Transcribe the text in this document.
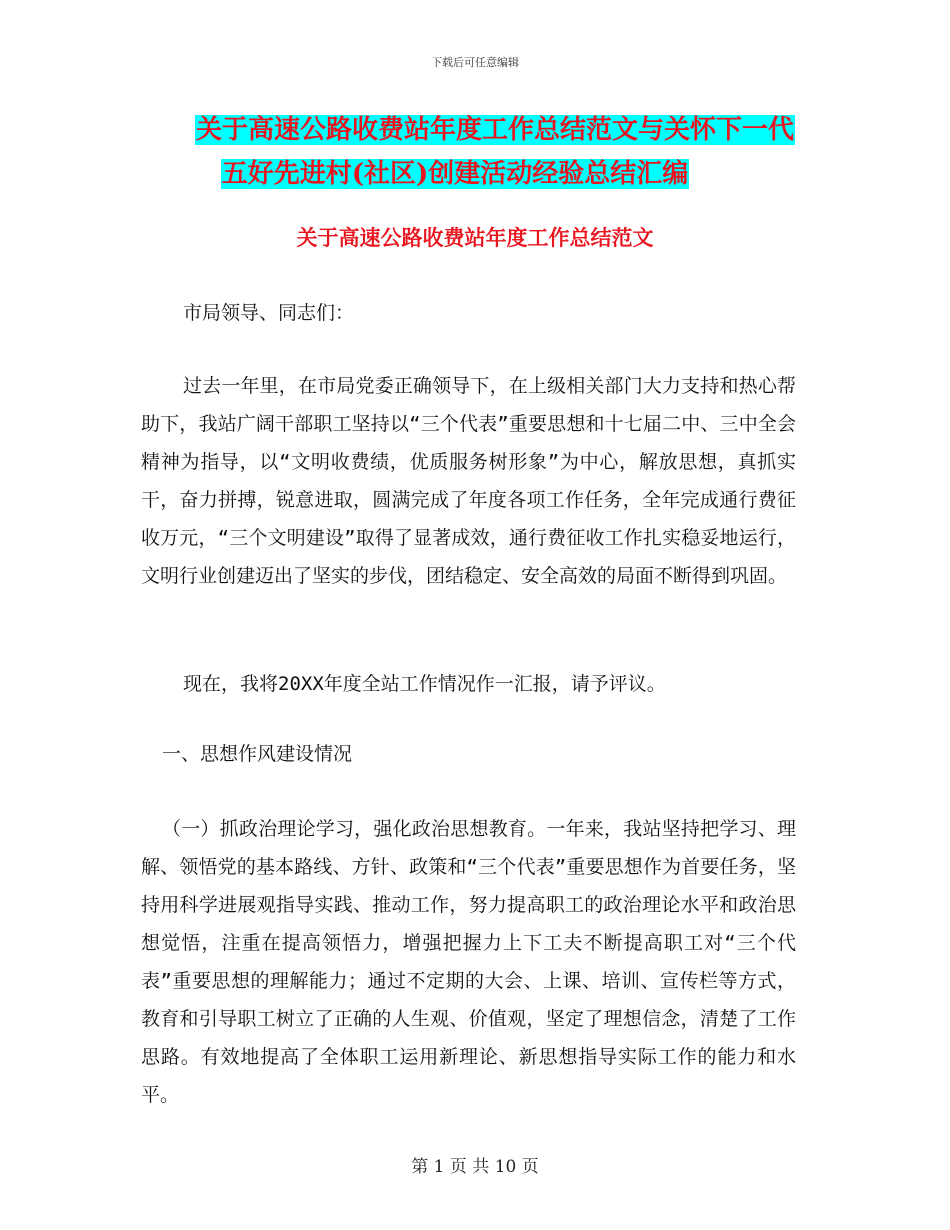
下载后可任意编辑
关于高速公路收费站年度工作总结范文与关怀下一代
五好先进村(社区)创建活动经验总结汇编
关于高速公路收费站年度工作总结范文
市局领导、同志们：
过去一年里，在市局党委正确领导下，在上级相关部门大力支持和热心帮助下，我站广阔干部职工坚持以“三个代表”重要思想和十七届二中、三中全会精神为指导，以“文明收费绩，优质服务树形象”为中心，解放思想，真抓实干，奋力拼搏，锐意进取，圆满完成了年度各项工作任务，全年完成通行费征收万元，“三个文明建设”取得了显著成效，通行费征收工作扎实稳妥地运行，文明行业创建迈出了坚实的步伐，团结稳定、安全高效的局面不断得到巩固。
现在，我将20XX年度全站工作情况作一汇报，请予评议。
一、思想作风建设情况
（一）抓政治理论学习，强化政治思想教育。一年来，我站坚持把学习、理解、领悟党的基本路线、方针、政策和“三个代表”重要思想作为首要任务，坚持用科学进展观指导实践、推动工作，努力提高职工的政治理论水平和政治思想觉悟，注重在提高领悟力，增强把握力上下工夫不断提高职工对“三个代表”重要思想的理解能力；通过不定期的大会、上课、培训、宣传栏等方式，教育和引导职工树立了正确的人生观、价值观，坚定了理想信念，清楚了工作思路。有效地提高了全体职工运用新理论、新思想指导实际工作的能力和水平。
第 1 页 共 10 页
